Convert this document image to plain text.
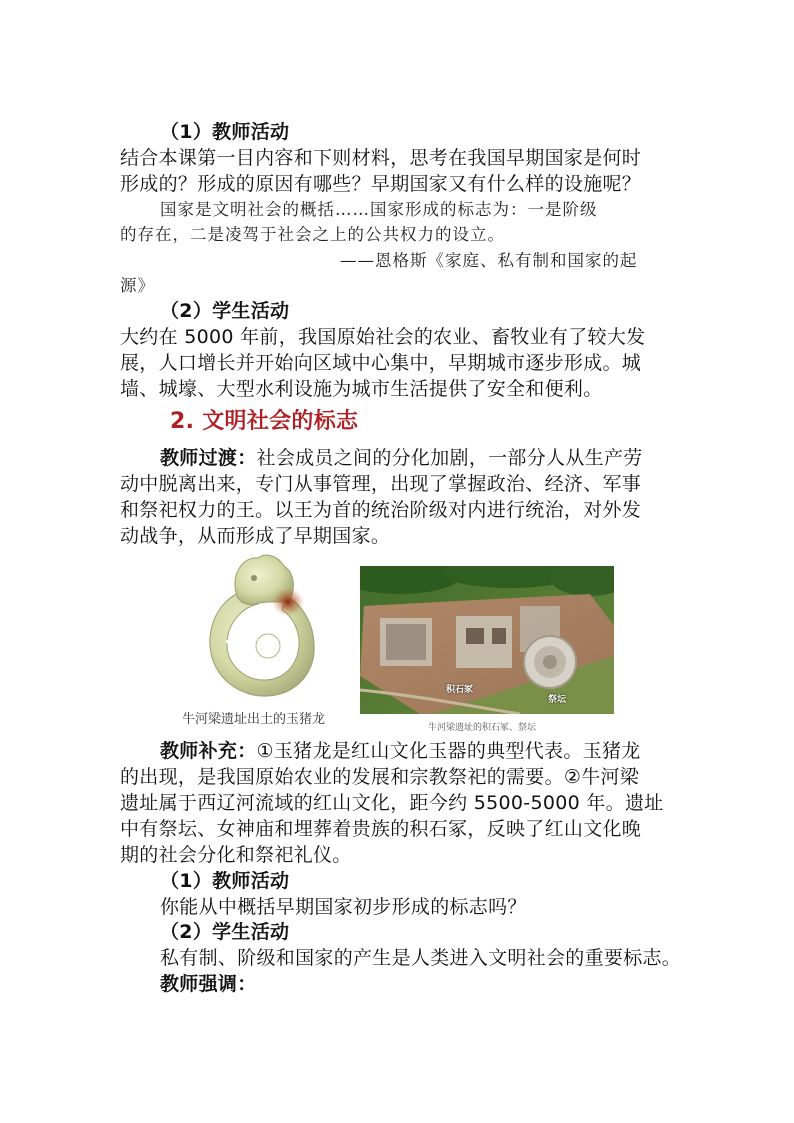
（1）教师活动
结合本课第一目内容和下则材料，思考在我国早期国家是何时
形成的？形成的原因有哪些？早期国家又有什么样的设施呢？
国家是文明社会的概括……国家形成的标志为：一是阶级
的存在，二是凌驾于社会之上的公共权力的设立。
——恩格斯《家庭、私有制和国家的起
源》
（2）学生活动
大约在 5000 年前，我国原始社会的农业、畜牧业有了较大发
展，人口增长并开始向区域中心集中，早期城市逐步形成。城
墙、城壕、大型水利设施为城市生活提供了安全和便利。
2. 文明社会的标志
教师过渡：社会成员之间的分化加剧，一部分人从生产劳
动中脱离出来，专门从事管理，出现了掌握政治、经济、军事
和祭祀权力的王。以王为首的统治阶级对内进行统治，对外发
动战争，从而形成了早期国家。
牛河梁遗址出土的玉猪龙
积石冢
祭坛
牛河梁遗址的积石冢、祭坛
教师补充：①玉猪龙是红山文化玉器的典型代表。玉猪龙
的出现，是我国原始农业的发展和宗教祭祀的需要。②牛河梁
遗址属于西辽河流域的红山文化，距今约 5500-5000 年。遗址
中有祭坛、女神庙和埋葬着贵族的积石冢，反映了红山文化晚
期的社会分化和祭祀礼仪。
（1）教师活动
你能从中概括早期国家初步形成的标志吗？
（2）学生活动
私有制、阶级和国家的产生是人类进入文明社会的重要标志。
教师强调：
